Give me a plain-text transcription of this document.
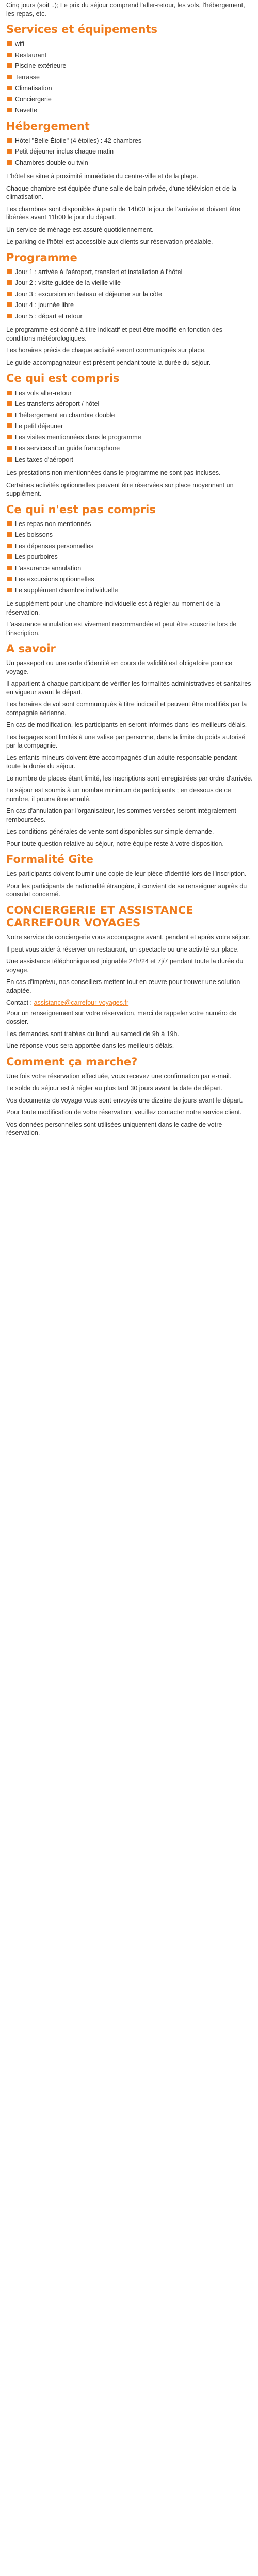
Cinq jours (soit ..); Le prix du séjour comprend l'aller-retour, les vols, l'hébergement, les repas, etc.

Services et équipements
wifi
Restaurant
Piscine extérieure
Terrasse
Climatisation
Conciergerie
Navette
Hébergement
Hôtel "Belle Étoile" (4 étoiles) : 42 chambres
Petit déjeuner inclus chaque matin
Chambres double ou twin

L'hôtel se situe à proximité immédiate du centre-ville et de la plage.

Chaque chambre est équipée d'une salle de bain privée, d'une télévision et de la climatisation.

Les chambres sont disponibles à partir de 14h00 le jour de l'arrivée et doivent être libérées avant 11h00 le jour du départ.

Un service de ménage est assuré quotidiennement.

Le parking de l'hôtel est accessible aux clients sur réservation préalable.

Programme
Jour 1 : arrivée à l'aéroport, transfert et installation à l'hôtel
Jour 2 : visite guidée de la vieille ville
Jour 3 : excursion en bateau et déjeuner sur la côte
Jour 4 : journée libre
Jour 5 : départ et retour

Le programme est donné à titre indicatif et peut être modifié en fonction des conditions météorologiques.

Les horaires précis de chaque activité seront communiqués sur place.

Le guide accompagnateur est présent pendant toute la durée du séjour.

Ce qui est compris
Les vols aller-retour
Les transferts aéroport / hôtel
L'hébergement en chambre double
Le petit déjeuner
Les visites mentionnées dans le programme
Les services d'un guide francophone
Les taxes d'aéroport

Les prestations non mentionnées dans le programme ne sont pas incluses.

Certaines activités optionnelles peuvent être réservées sur place moyennant un supplément.

Ce qui n'est pas compris
Les repas non mentionnés
Les boissons
Les dépenses personnelles
Les pourboires
L'assurance annulation
Les excursions optionnelles
Le supplément chambre individuelle

Le supplément pour une chambre individuelle est à régler au moment de la réservation.

L'assurance annulation est vivement recommandée et peut être souscrite lors de l'inscription.

A savoir

Un passeport ou une carte d'identité en cours de validité est obligatoire pour ce voyage.

Il appartient à chaque participant de vérifier les formalités administratives et sanitaires en vigueur avant le départ.

Les horaires de vol sont communiqués à titre indicatif et peuvent être modifiés par la compagnie aérienne.

En cas de modification, les participants en seront informés dans les meilleurs délais.

Les bagages sont limités à une valise par personne, dans la limite du poids autorisé par la compagnie.

Les enfants mineurs doivent être accompagnés d'un adulte responsable pendant toute la durée du séjour.

Le nombre de places étant limité, les inscriptions sont enregistrées par ordre d'arrivée.

Le séjour est soumis à un nombre minimum de participants ; en dessous de ce nombre, il pourra être annulé.

En cas d'annulation par l'organisateur, les sommes versées seront intégralement remboursées.

Les conditions générales de vente sont disponibles sur simple demande.

Pour toute question relative au séjour, notre équipe reste à votre disposition.

Formalité Gîte

Les participants doivent fournir une copie de leur pièce d'identité lors de l'inscription.

Pour les participants de nationalité étrangère, il convient de se renseigner auprès du consulat concerné.

CONCIERGERIE ET ASSISTANCE CARREFOUR VOYAGES

Notre service de conciergerie vous accompagne avant, pendant et après votre séjour.

Il peut vous aider à réserver un restaurant, un spectacle ou une activité sur place.

Une assistance téléphonique est joignable 24h/24 et 7j/7 pendant toute la durée du voyage.

En cas d'imprévu, nos conseillers mettent tout en œuvre pour trouver une solution adaptée.

Contact : assistance@carrefour-voyages.fr

Pour un renseignement sur votre réservation, merci de rappeler votre numéro de dossier.

Les demandes sont traitées du lundi au samedi de 9h à 19h.

Une réponse vous sera apportée dans les meilleurs délais.

Comment ça marche?

Une fois votre réservation effectuée, vous recevez une confirmation par e-mail.

Le solde du séjour est à régler au plus tard 30 jours avant la date de départ.

Vos documents de voyage vous sont envoyés une dizaine de jours avant le départ.

Pour toute modification de votre réservation, veuillez contacter notre service client.

Vos données personnelles sont utilisées uniquement dans le cadre de votre réservation.
